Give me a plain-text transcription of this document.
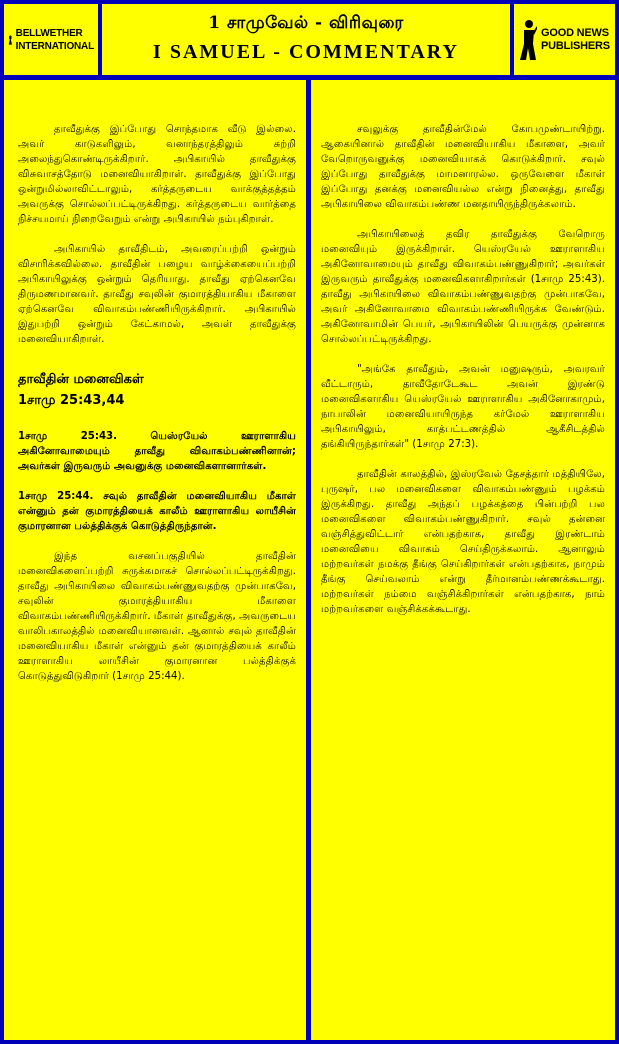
BELLWETHER
INTERNATIONAL
1 சாமுவேல் - விரிவுரை
I SAMUEL - COMMENTARY
GOOD NEWS
PUBLISHERS

தாவீதுக்கு இப்போது சொந்தமாக வீடு இல்லை. அவர் காடுகளிலும், வனாந்தரத்திலும் சுற்றி அலைந்துகொண்டிருக்கிறார். அபிகாயில் தாவீதுக்கு விசுவாசத்தோடு மனைவியாகிறாள். தாவீதுக்கு இப்போது ஒன்றுமில்லாவிட்டாலும், கர்த்தருடைய வாக்குத்தத்தம் அவருக்கு சொல்லப்பட்டிருக்கிறது. கர்த்தருடைய வார்த்தை நிச்சயமாய் நிறைவேறும் என்று அபிகாயில் நம்புகிறாள்.

அபிகாயில் தாவீதிடம், அவரைப்பற்றி ஒன்றும் விசாரிக்கவில்லை. தாவீதின் பழைய வாழ்க்கையைப்பற்றி அபிகாயிலுக்கு ஒன்றும் தெரியாது. தாவீது ஏற்கெனவே திருமணமானவர். தாவீது சவுலின் குமாரத்தியாகிய மீகாளை ஏற்கெனவே விவாகம்பண்ணியிருக்கிறார். அபிகாயில் இதுபற்றி ஒன்றும் கேட்காமல், அவள் தாவீதுக்கு மனைவியாகிறாள்.

தாவீதின் மனைவிகள்
1சாமு 25:43,44

1சாமு 25:43. யெஸ்ரயேல் ஊராளாகிய அகினோவாமையும் தாவீது விவாகம்பண்ணினான்; அவர்கள் இருவரும் அவனுக்கு மனைவிகளானார்கள்.

1சாமு 25:44. சவுல் தாவீதின் மனைவியாகிய மீகாள் என்னும் தன் குமாரத்தியைக் காலீம் ஊராளாகிய லாயீசின் குமாரனான பல்த்திக்குக் கொடுத்திருந்தான்.

இந்த வசனப்பகுதியில் தாவீதின் மனைவிகளைப்பற்றி சுருக்கமாகச் சொல்லப்பட்டிருக்கிறது. தாவீது அபிகாயிலை விவாகம்பண்ணுவதற்கு முன்பாகவே, சவுலின் குமாரத்தியாகிய மீகாளை விவாகம்பண்ணியிருக்கிறார். மீகாள் தாவீதுக்கு, அவருடைய வாலிபகாலத்தில் மனைவியானவள். ஆனால் சவுல் தாவீதின் மனைவியாகிய மீகாள் என்னும் தன் குமாரத்தியைக் காலீம் ஊராளாகிய லாயீசின் குமாரனான பல்த்திக்குக் கொடுத்துவிடுகிறார் (1சாமு 25:44).

சவுலுக்கு தாவீதின்மேல் கோபமுண்டாயிற்று. ஆகையினால் தாவீதின் மனைவியாகிய மீகாளை, அவர் வேறொருவனுக்கு மனைவியாகக் கொடுக்கிறார். சவுல் இப்போது தாவீதுக்கு மாமனாரல்ல. ஒருவேளை மீகாள் இப்போது தனக்கு மனைவியல்ல என்று நினைத்து, தாவீது அபிகாயிலை விவாகம்பண்ண மனதாயிருந்திருக்கலாம்.

அபிகாயிலைத் தவிர தாவீதுக்கு வேறொரு மனைவியும் இருக்கிறாள். யெஸ்ரயேல் ஊராளாகிய அகினோவாமையும் தாவீது விவாகம்பண்ணுகிறார்; அவர்கள் இருவரும் தாவீதுக்கு மனைவிகளாகிறார்கள் (1சாமு 25:43). தாவீது அபிகாயிலை விவாகம்பண்ணுவதற்கு முன்பாகவே, அவர் அகினோவாமை விவாகம்பண்ணியிருக்க வேண்டும். அகினோவாமின் பெயர், அபிகாயிலின் பெயருக்கு முன்னாக சொல்லப்பட்டிருக்கிறது.

"அங்கே தாவீதும், அவன் மனுஷரும், அவரவர் வீட்டாரும், தாவீதோடேகூட அவன் இரண்டு மனைவிகளாகிய யெஸ்ரயேல் ஊராளாகிய அகினோகாமும், நாபாலின் மனைவியாயிருந்த கர்மேல் ஊராளாகிய அபிகாயிலும், காத்பட்டணத்தில் ஆகீசிடத்தில் தங்கியிருந்தார்கள்" (1சாமு 27:3).

தாவீதின் காலத்தில், இஸ்ரவேல் தேசத்தார் மத்தியிலே, புருஷர், பல மனைவிகளை விவாகம்பண்ணும் பழக்கம் இருக்கிறது. தாவீது அந்தப் பழக்கத்தை பின்பற்றி பல மனைவிகளை விவாகம்பண்ணுகிறார். சவுல் தன்னை வஞ்சித்துவிட்டார் என்பதற்காக, தாவீது இரண்டாம் மனைவியை விவாகம் செய்திருக்கலாம். ஆனாலும் மற்றவர்கள் நமக்கு தீங்கு செய்கிறார்கள் என்பதற்காக, நாமும் தீங்கு செய்வலாம் என்று தீர்மானம்பண்ணக்கூடாது. மற்றவர்கள் நம்மை வஞ்சிக்கிறார்கள் என்பதற்காக, நாம் மற்றவர்களை வஞ்சிக்கக்கூடாது.
